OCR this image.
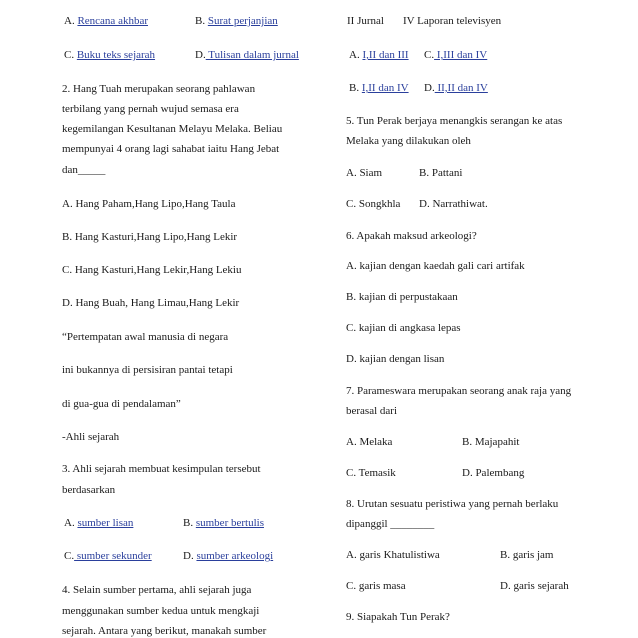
A. Rencana akhbar	B. Surat perjanjian
C. Buku teks sejarah	D. Tulisan dalam jurnal
2. Hang Tuah merupakan seorang pahlawan
terbilang yang pernah wujud semasa era
kegemilangan Kesultanan Melayu Melaka. Beliau
mempunyai 4 orang lagi sahabat iaitu Hang Jebat
dan_____
A. Hang Paham,Hang Lipo,Hang Taula
B. Hang Kasturi,Hang Lipo,Hang Lekir
C. Hang Kasturi,Hang Lekir,Hang Lekiu
D. Hang Buah, Hang Limau,Hang Lekir
“Pertempatan awal manusia di negara
ini bukannya di persisiran pantai tetapi
di gua-gua di pendalaman”
-Ahli sejarah
3. Ahli sejarah membuat kesimpulan tersebut
berdasarkan
A. sumber lisan	B. sumber bertulis
C. sumber sekunder	D. sumber arkeologi
4. Selain sumber pertama, ahli sejarah juga
menggunakan sumber kedua untuk mengkaji
sejarah. Antara yang berikut, manakah sumber
II Jurnal IV Laporan televisyen
A. I,II dan III C. I,III dan IV
B. I,II dan IV D. II,II dan IV
5. Tun Perak berjaya menangkis serangan ke atas
Melaka yang dilakukan oleh
A. Siam	B. Pattani
C. Songkhla D. Narrathiwat.
6. Apakah maksud arkeologi?
A. kajian dengan kaedah gali cari artifak
B. kajian di perpustakaan
C. kajian di angkasa lepas
D. kajian dengan lisan
7. Parameswara merupakan seorang anak raja yang
berasal dari
A. Melaka	B. Majapahit
C. Temasik	D. Palembang
8. Urutan sesuatu peristiwa yang pernah berlaku
dipanggil ________
A. garis Khatulistiwa	B. garis jam
C. garis masa	D. garis sejarah
9. Siapakah Tun Perak?
